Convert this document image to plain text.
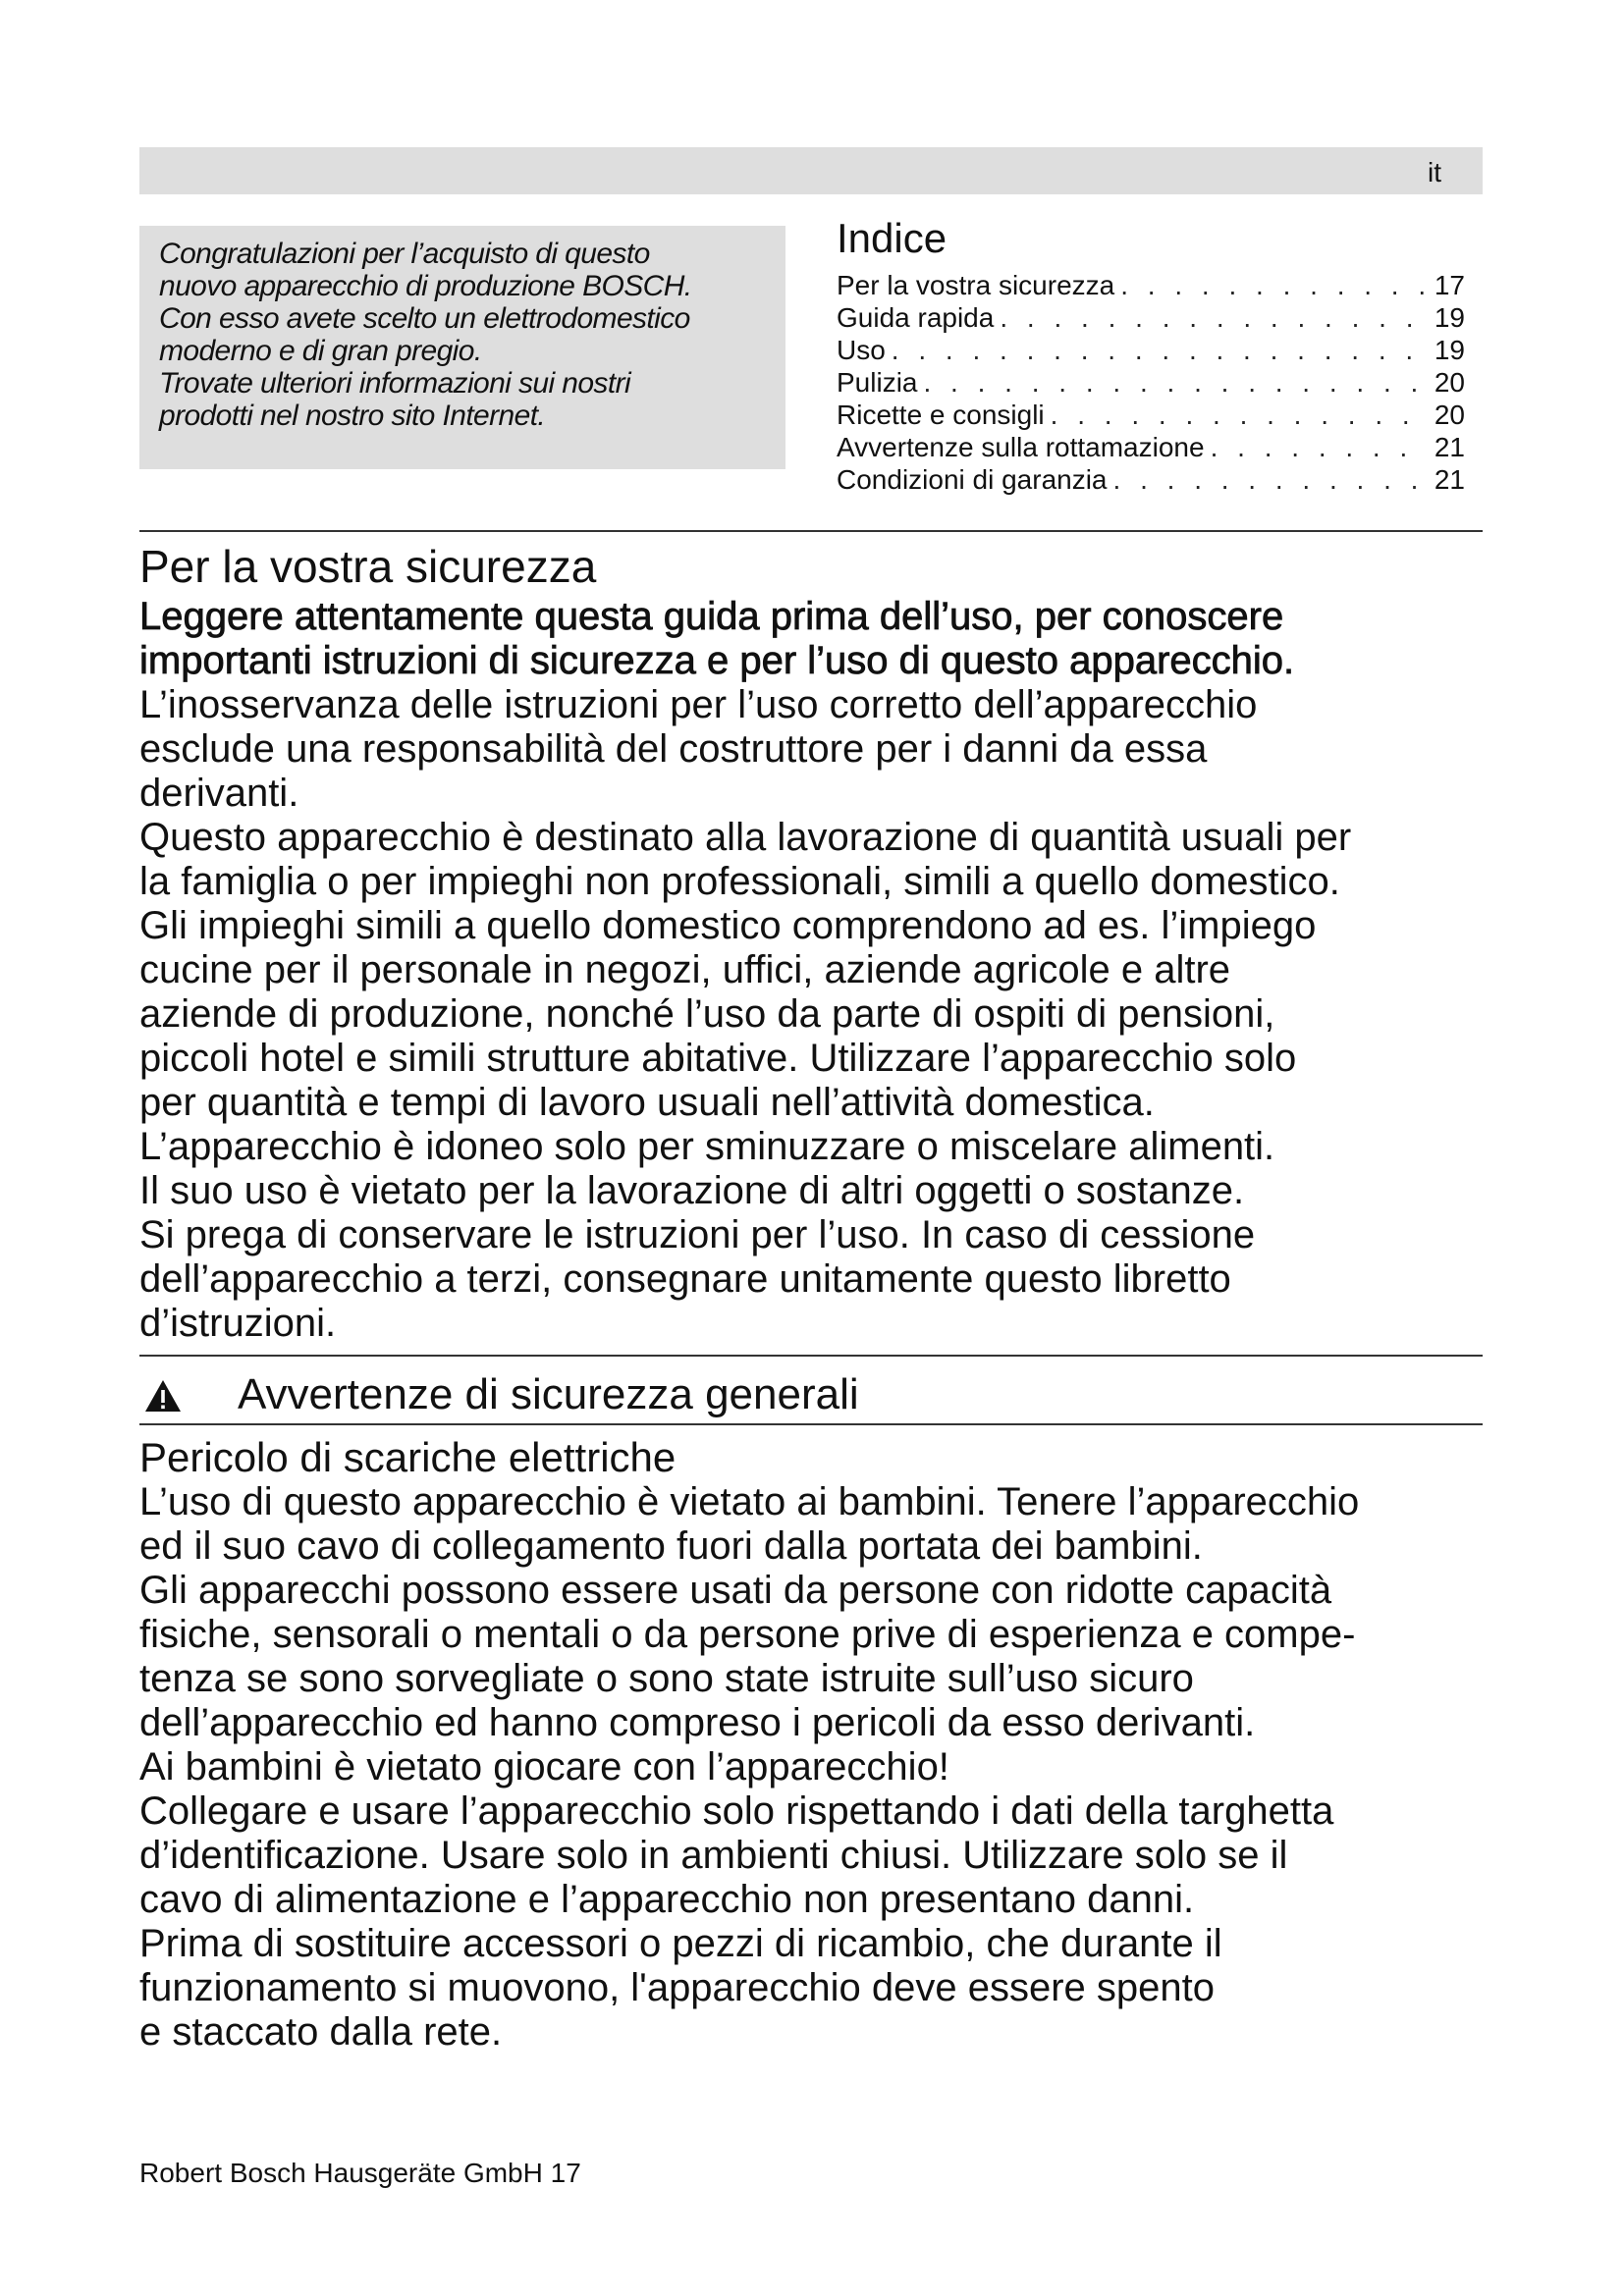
it

Congratulazioni per l’acquisto di questo

nuovo apparecchio di produzione BOSCH.

Con esso avete scelto un elettrodomestico

moderno e di gran pregio.

Trovate ulteriori informazioni sui nostri

prodotti nel nostro sito Internet.

Indice
Per la vostra sicurezza . . .	17
Guida rapida . . .	19
Uso . . .	19
Pulizia . . .	20
Ricette e consigli . . .	20
Avvertenze sulla rottamazione . . .	21
Condizioni di garanzia . . .	21
Per la vostra sicurezza

Leggere attentamente questa guida prima dell’uso, per conoscere

importanti istruzioni di sicurezza e per l’uso di questo apparecchio.

L’inosservanza delle istruzioni per l’uso corretto dell’apparecchio

esclude una responsabilità del costruttore per i danni da essa

derivanti.

Questo apparecchio è destinato alla lavorazione di quantità usuali per

la famiglia o per impieghi non professionali, simili a quello domestico.

Gli impieghi simili a quello domestico comprendono ad es. l’impiego

cucine per il personale in negozi, uffici, aziende agricole e altre

aziende di produzione, nonché l’uso da parte di ospiti di pensioni,

piccoli hotel e simili strutture abitative. Utilizzare l’apparecchio solo

per quantità e tempi di lavoro usuali nell’attività domestica.

L’apparecchio è idoneo solo per sminuzzare o miscelare alimenti.

Il suo uso è vietato per la lavorazione di altri oggetti o sostanze.

Si prega di conservare le istruzioni per l’uso. In caso di cessione

dell’apparecchio a terzi, consegnare unitamente questo libretto

d’istruzioni.

Avvertenze di sicurezza generali

Pericolo di scariche elettriche

L’uso di questo apparecchio è vietato ai bambini. Tenere l’apparecchio

ed il suo cavo di collegamento fuori dalla portata dei bambini.

Gli apparecchi possono essere usati da persone con ridotte capacità

fisiche, sensorali o mentali o da persone prive di esperienza e compe-

tenza se sono sorvegliate o sono state istruite sull’uso sicuro

dell’apparecchio ed hanno compreso i pericoli da esso derivanti.

Ai bambini è vietato giocare con l’apparecchio!

Collegare e usare l’apparecchio solo rispettando i dati della targhetta

d’identificazione. Usare solo in ambienti chiusi. Utilizzare solo se il

cavo di alimentazione e l’apparecchio non presentano danni.

Prima di sostituire accessori o pezzi di ricambio, che durante il

funzionamento si muovono, l'apparecchio deve essere spento

e staccato dalla rete.

Robert Bosch Hausgeräte GmbH 17
